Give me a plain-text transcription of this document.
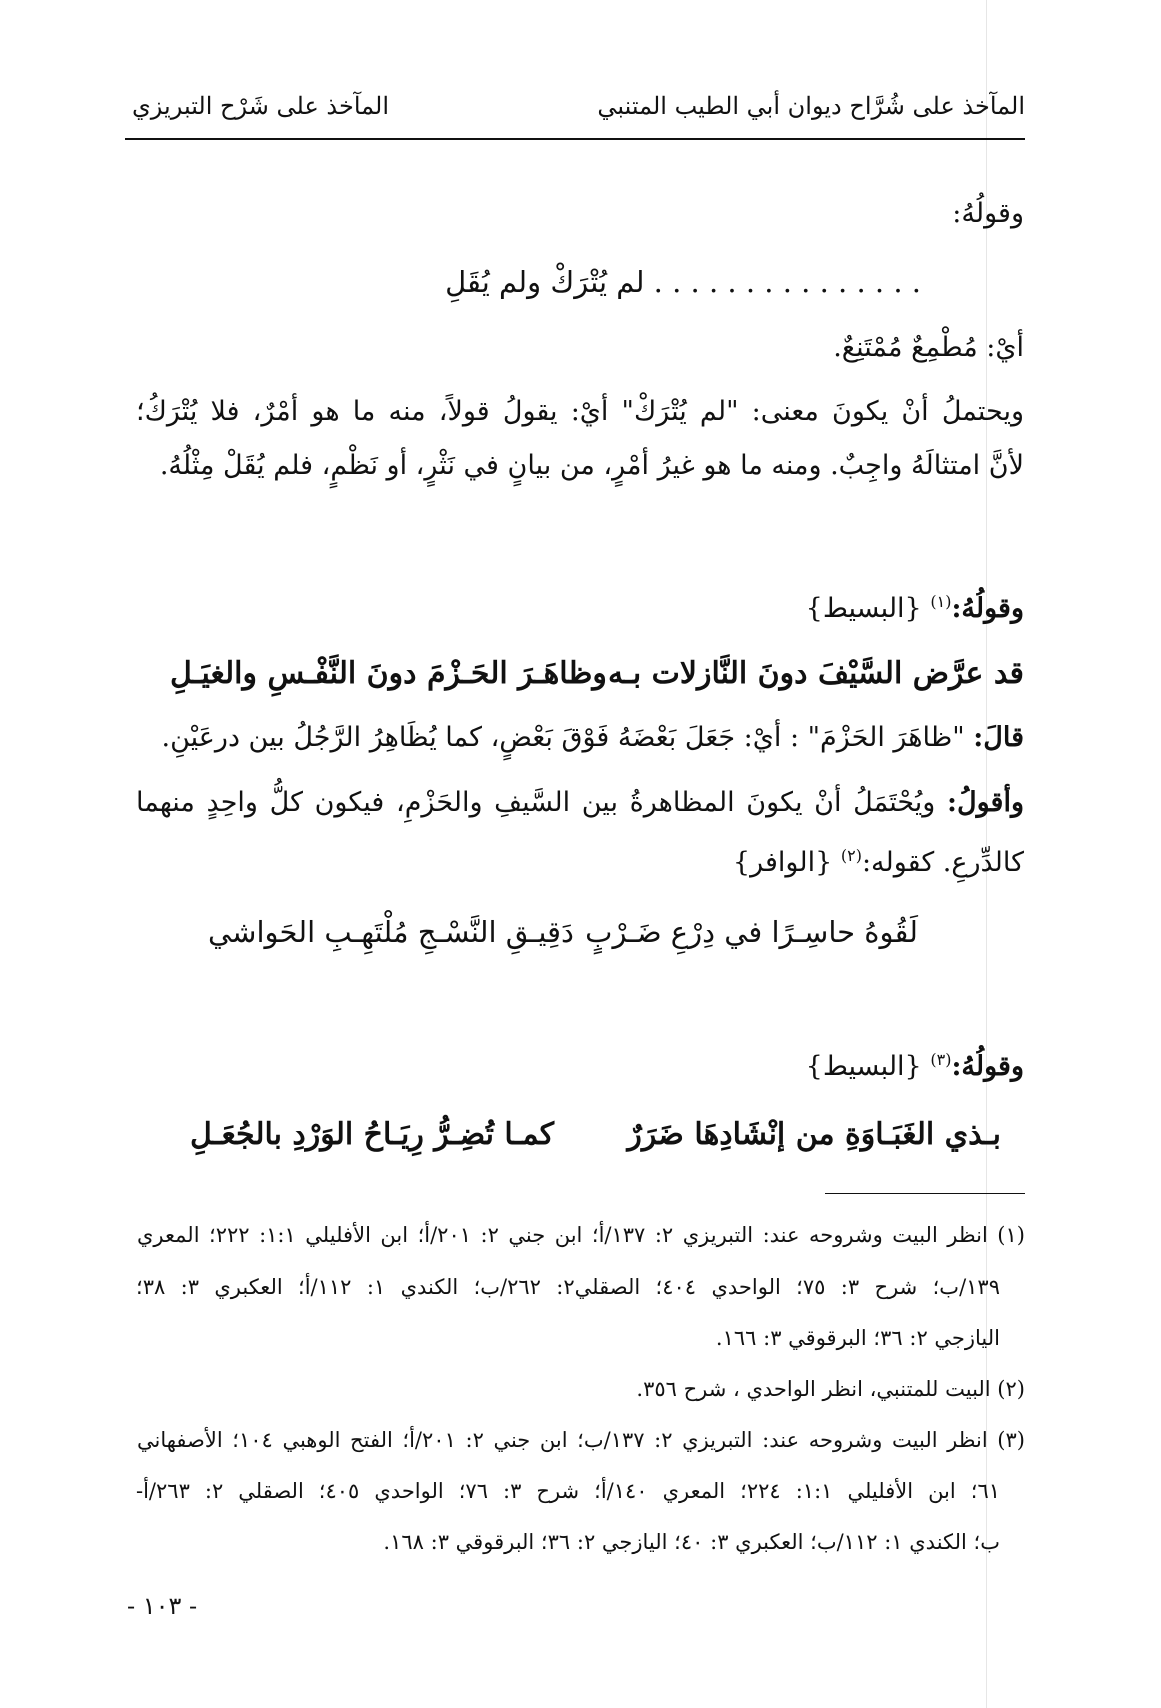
المآخذ على شُرَّاح ديوان أبي الطيب المتنبي
المآخذ على شَرْح التبريزي
وقولُهُ:
. . . . . . . . . . . . . . . لم يُتْرَكْ ولم يُقَلِ
أيْ: مُطْمِعٌ مُمْتَنِعٌ.
ويحتملُ أنْ يكونَ معنى: "لم يُتْرَكْ" أيْ: يقولُ قولاً، منه ما هو أمْرٌ، فلا يُتْرَكُ؛
لأنَّ امتثالَهُ واجِبٌ. ومنه ما هو غيرُ أمْرٍ، من بيانٍ في نَثْرٍ، أو نَظْمٍ، فلم يُقَلْ مِثْلُهُ.
وقولُهُ:$^{(١)}$ {البسيط}
قد عرَّض السَّيْفَ دونَ النَّازلات بـه
وظاهَـرَ الحَـزْمَ دونَ النَّفْـسِ والغيَـلِ
قالَ: "ظاهَرَ الحَزْمَ" : أيْ: جَعَلَ بَعْضَهُ فَوْقَ بَعْضٍ، كما يُظَاهِرُ الرَّجُلُ بين درعَيْنِ.
وأقولُ: ويُحْتَمَلُ أنْ يكونَ المظاهرةُ بين السَّيفِ والحَزْمِ، فيكون كلُّ واحِدٍ منهما
كالدِّرعِ. كقوله:$^{(٢)}$ {الوافر}
لَقُوهُ حاسِـرًا في دِرْعِ ضَـرْبٍ
دَقِيـقِ النَّسْـجِ مُلْتَهِـبِ الحَواشي
وقولُهُ:$^{(٣)}$ {البسيط}
بـذي الغَبَـاوَةِ من إنْشَادِهَا ضَرَرٌ
كمـا تُضِـرُّ رِيَـاحُ الوَرْدِ بالجُعَـلِ
(١) انظر البيت وشروحه عند: التبريزي ٢: ١٣٧/أ؛ ابن جني ٢: ٢٠١/أ؛ ابن الأفليلي ١:١: ٢٢٢؛ المعري
١٣٩/ب؛ شرح ٣: ٧٥؛ الواحدي ٤٠٤؛ الصقلي٢: ٢٦٢/ب؛ الكندي ١: ١١٢/أ؛ العكبري ٣: ٣٨؛
اليازجي ٢: ٣٦؛ البرقوقي ٣: ١٦٦.
(٢) البيت للمتنبي، انظر الواحدي ، شرح ٣٥٦.
(٣) انظر البيت وشروحه عند: التبريزي ٢: ١٣٧/ب؛ ابن جني ٢: ٢٠١/أ؛ الفتح الوهبي ١٠٤؛ الأصفهاني
٦١؛ ابن الأفليلي ١:١: ٢٢٤؛ المعري ١٤٠/أ؛ شرح ٣: ٧٦؛ الواحدي ٤٠٥؛ الصقلي ٢: ٢٦٣/أ-
ب؛ الكندي ١: ١١٢/ب؛ العكبري ٣: ٤٠؛ اليازجي ٢: ٣٦؛ البرقوقي ٣: ١٦٨.
- ١٠٣ -
